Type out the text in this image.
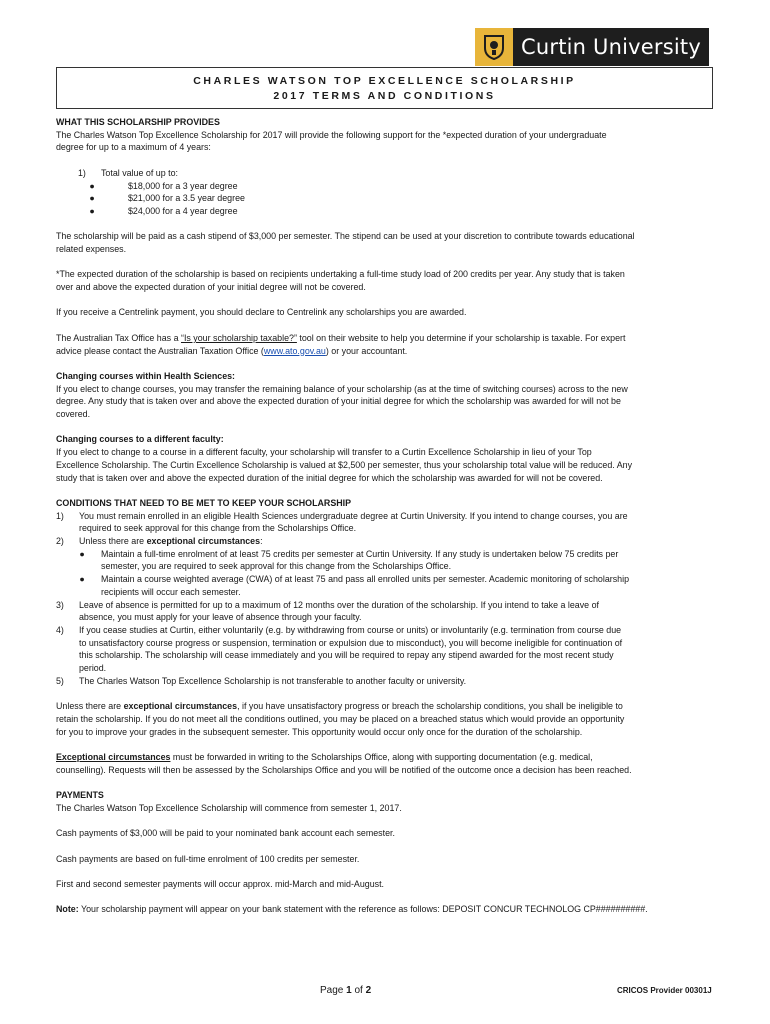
Curtin University
CHARLES WATSON TOP EXCELLENCE SCHOLARSHIP
2017 TERMS AND CONDITIONS

WHAT THIS SCHOLARSHIP PROVIDES

The Charles Watson Top Excellence Scholarship for 2017 will provide the following support for the *expected duration of your undergraduate
degree for up to a maximum of 4 years:

1)	Total value of up to:
●	$18,000 for a 3 year degree
●	$21,000 for a 3.5 year degree
●	$24,000 for a 4 year degree

The scholarship will be paid as a cash stipend of $3,000 per semester. The stipend can be used at your discretion to contribute towards educational
related expenses.

*The expected duration of the scholarship is based on recipients undertaking a full-time study load of 200 credits per year. Any study that is taken
over and above the expected duration of your initial degree will not be covered.

If you receive a Centrelink payment, you should declare to Centrelink any scholarships you are awarded.

The Australian Tax Office has a “Is your scholarship taxable?” tool on their website to help you determine if your scholarship is taxable. For expert
advice please contact the Australian Taxation Office (www.ato.gov.au) or your accountant.

Changing courses within Health Sciences:

If you elect to change courses, you may transfer the remaining balance of your scholarship (as at the time of switching courses) across to the new
degree. Any study that is taken over and above the expected duration of your initial degree for which the scholarship was awarded for will not be
covered.

Changing courses to a different faculty:

If you elect to change to a course in a different faculty, your scholarship will transfer to a Curtin Excellence Scholarship in lieu of your Top
Excellence Scholarship. The Curtin Excellence Scholarship is valued at $2,500 per semester, thus your scholarship total value will be reduced. Any
study that is taken over and above the expected duration of the initial degree for which the scholarship was awarded for will not be covered.

CONDITIONS THAT NEED TO BE MET TO KEEP YOUR SCHOLARSHIP

1)	You must remain enrolled in an eligible Health Sciences undergraduate degree at Curtin University. If you intend to change courses, you are
required to seek approval for this change from the Scholarships Office.
2)	Unless there are exceptional circumstances:
●	Maintain a full-time enrolment of at least 75 credits per semester at Curtin University. If any study is undertaken below 75 credits per
semester, you are required to seek approval for this change from the Scholarships Office.
●	Maintain a course weighted average (CWA) of at least 75 and pass all enrolled units per semester. Academic monitoring of scholarship
recipients will occur each semester.
3)	Leave of absence is permitted for up to a maximum of 12 months over the duration of the scholarship. If you intend to take a leave of
absence, you must apply for your leave of absence through your faculty.
4)	If you cease studies at Curtin, either voluntarily (e.g. by withdrawing from course or units) or involuntarily (e.g. termination from course due
to unsatisfactory course progress or suspension, termination or expulsion due to misconduct), you will become ineligible for continuation of
this scholarship. The scholarship will cease immediately and you will be required to repay any stipend awarded for the most recent study
period.
5)	The Charles Watson Top Excellence Scholarship is not transferable to another faculty or university.

Unless there are exceptional circumstances, if you have unsatisfactory progress or breach the scholarship conditions, you shall be ineligible to
retain the scholarship. If you do not meet all the conditions outlined, you may be placed on a breached status which would provide an opportunity
for you to improve your grades in the subsequent semester. This opportunity would occur only once for the duration of the scholarship.

Exceptional circumstances must be forwarded in writing to the Scholarships Office, along with supporting documentation (e.g. medical,
counselling). Requests will then be assessed by the Scholarships Office and you will be notified of the outcome once a decision has been reached.

PAYMENTS

The Charles Watson Top Excellence Scholarship will commence from semester 1, 2017.

Cash payments of $3,000 will be paid to your nominated bank account each semester.

Cash payments are based on full-time enrolment of 100 credits per semester.

First and second semester payments will occur approx. mid-March and mid-August.

Note: Your scholarship payment will appear on your bank statement with the reference as follows: DEPOSIT CONCUR TECHNOLOG CP##########.

Page 1 of 2	CRICOS Provider 00301J
